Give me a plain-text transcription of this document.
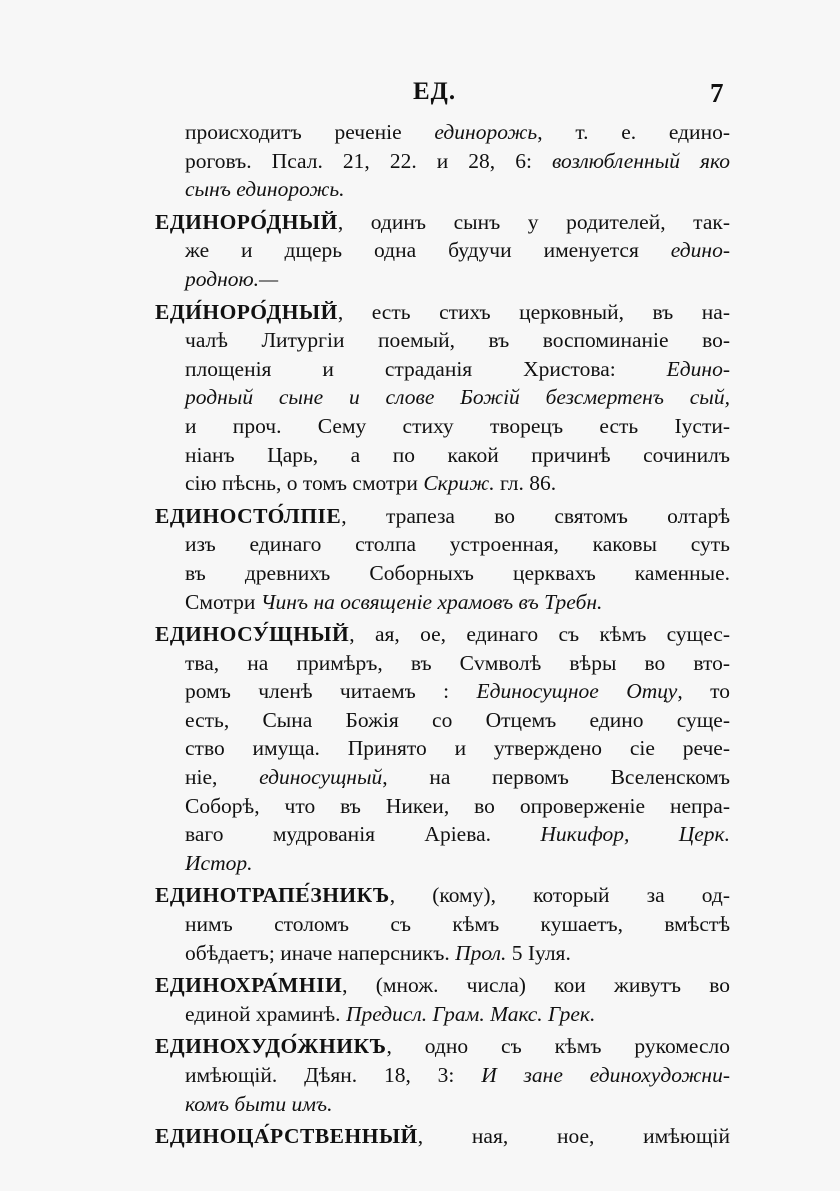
ЕД.	7
происходитъ реченіе единорожь, т. е. едино-
роговъ. Псал. 21, 22. и 28, 6: возлюбленный яко
сынъ единорожь.
ЕДИНОРО́ДНЫЙ, одинъ сынъ у родителей, так-
же и дщерь одна будучи именуется едино-
родною.—
ЕДИ́НОРО́ДНЫЙ, есть стихъ церковный, въ на-
чалѣ Литургіи поемый, въ воспоминаніе во-
площенія и страданія Христова: Едино-
родный сыне и слове Божій безсмертенъ сый,
и проч. Сему стиху творецъ есть Iусти-
ніанъ Царь, а по какой причинѣ сочинилъ
сію пѣснь, о томъ смотри Скриж. гл. 86.
ЕДИНОСТО́ЛПІЕ, трапеза во святомъ олтарѣ
изъ единаго столпа устроенная, каковы суть
въ древнихъ Соборныхъ церквахъ каменные.
Смотри Чинъ на освященіе храмовъ въ Требн.
ЕДИНОСУ́ЩНЫЙ, ая, ое, единаго съ кѣмъ сущес-
тва, на примѣръ, въ Сvмволѣ вѣры во вто-
ромъ членѣ читаемъ : Единосущное Отцу, то
есть, Сына Божія со Отцемъ едино суще-
ство имуща. Принято и утверждено сіе рече-
ніе, единосущный, на первомъ Вселенскомъ
Соборѣ, что въ Никеи, во опроверженіе непра-
ваго мудрованія Аріева. Никифор, Церк.
Истор.
ЕДИНОТРАПЕ́ЗНИКЪ, (кому), который за од-
нимъ столомъ съ кѣмъ кушаетъ, вмѣстѣ
обѣдаетъ; иначе наперсникъ. Прол. 5 Iуля.
ЕДИНОХРА́МНІИ, (множ. числа) кои живутъ во
единой храминѣ. Предисл. Грам. Макс. Грек.
ЕДИНОХУДО́ЖНИКЪ, одно съ кѣмъ рукомесло
имѣющій. Дѣян. 18, 3: И зане единохудожни-
комъ быти имъ.
ЕДИНОЦА́РСТВЕННЫЙ, ная, ное, имѣющій
